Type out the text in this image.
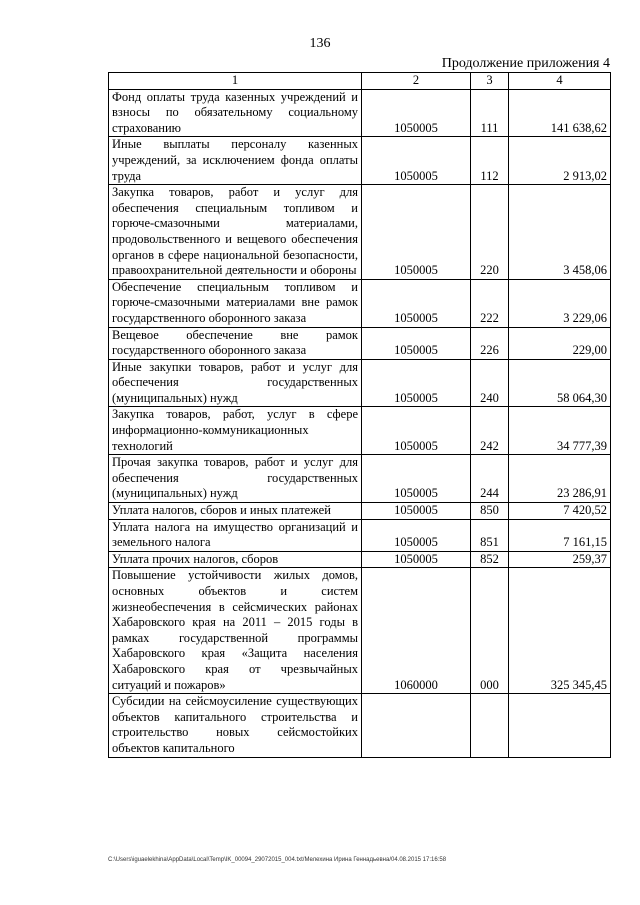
136
Продолжение приложения 4
1	2	3	4
Фонд оплаты труда казенных учреждений и взносы по обязательному социальному страхованию	1050005	111	141 638,62
Иные выплаты персоналу казенных учреждений, за исключением фонда оплаты труда	1050005	112	2 913,02
Закупка товаров, работ и услуг для обеспечения специальным топливом и горюче-смазочными материалами, продовольственного и вещевого обеспечения органов в сфере национальной безопасности, правоохранительной деятельности и обороны	1050005	220	3 458,06
Обеспечение специальным топливом и горюче-смазочными материалами вне рамок государственного оборонного заказа	1050005	222	3 229,06
Вещевое обеспечение вне рамок государственного оборонного заказа	1050005	226	229,00
Иные закупки товаров, работ и услуг для обеспечения государственных (муниципальных) нужд	1050005	240	58 064,30
Закупка товаров, работ, услуг в сфере информационно-коммуникационных технологий	1050005	242	34 777,39
Прочая закупка товаров, работ и услуг для обеспечения государственных (муниципальных) нужд	1050005	244	23 286,91
Уплата налогов, сборов и иных платежей	1050005	850	7 420,52
Уплата налога на имущество организаций и земельного налога	1050005	851	7 161,15
Уплата прочих налогов, сборов	1050005	852	259,37
Повышение устойчивости жилых домов, основных объектов и систем жизнеобеспечения в сейсмических районах Хабаровского края на 2011 – 2015 годы в рамках государственной программы Хабаровского края «Защита населения Хабаровского края от чрезвычайных ситуаций и пожаров»	1060000	000	325 345,45
Субсидии на сейсмоусиление существующих объектов капитального строительства и строительство новых сейсмостойких объектов капитального			
C:\Users\iguaelekhina\AppData\Local\Temp\IK_00094_29072015_004.txt/Мелехина Ирина Геннадьевна/04.08.2015 17:16:58
